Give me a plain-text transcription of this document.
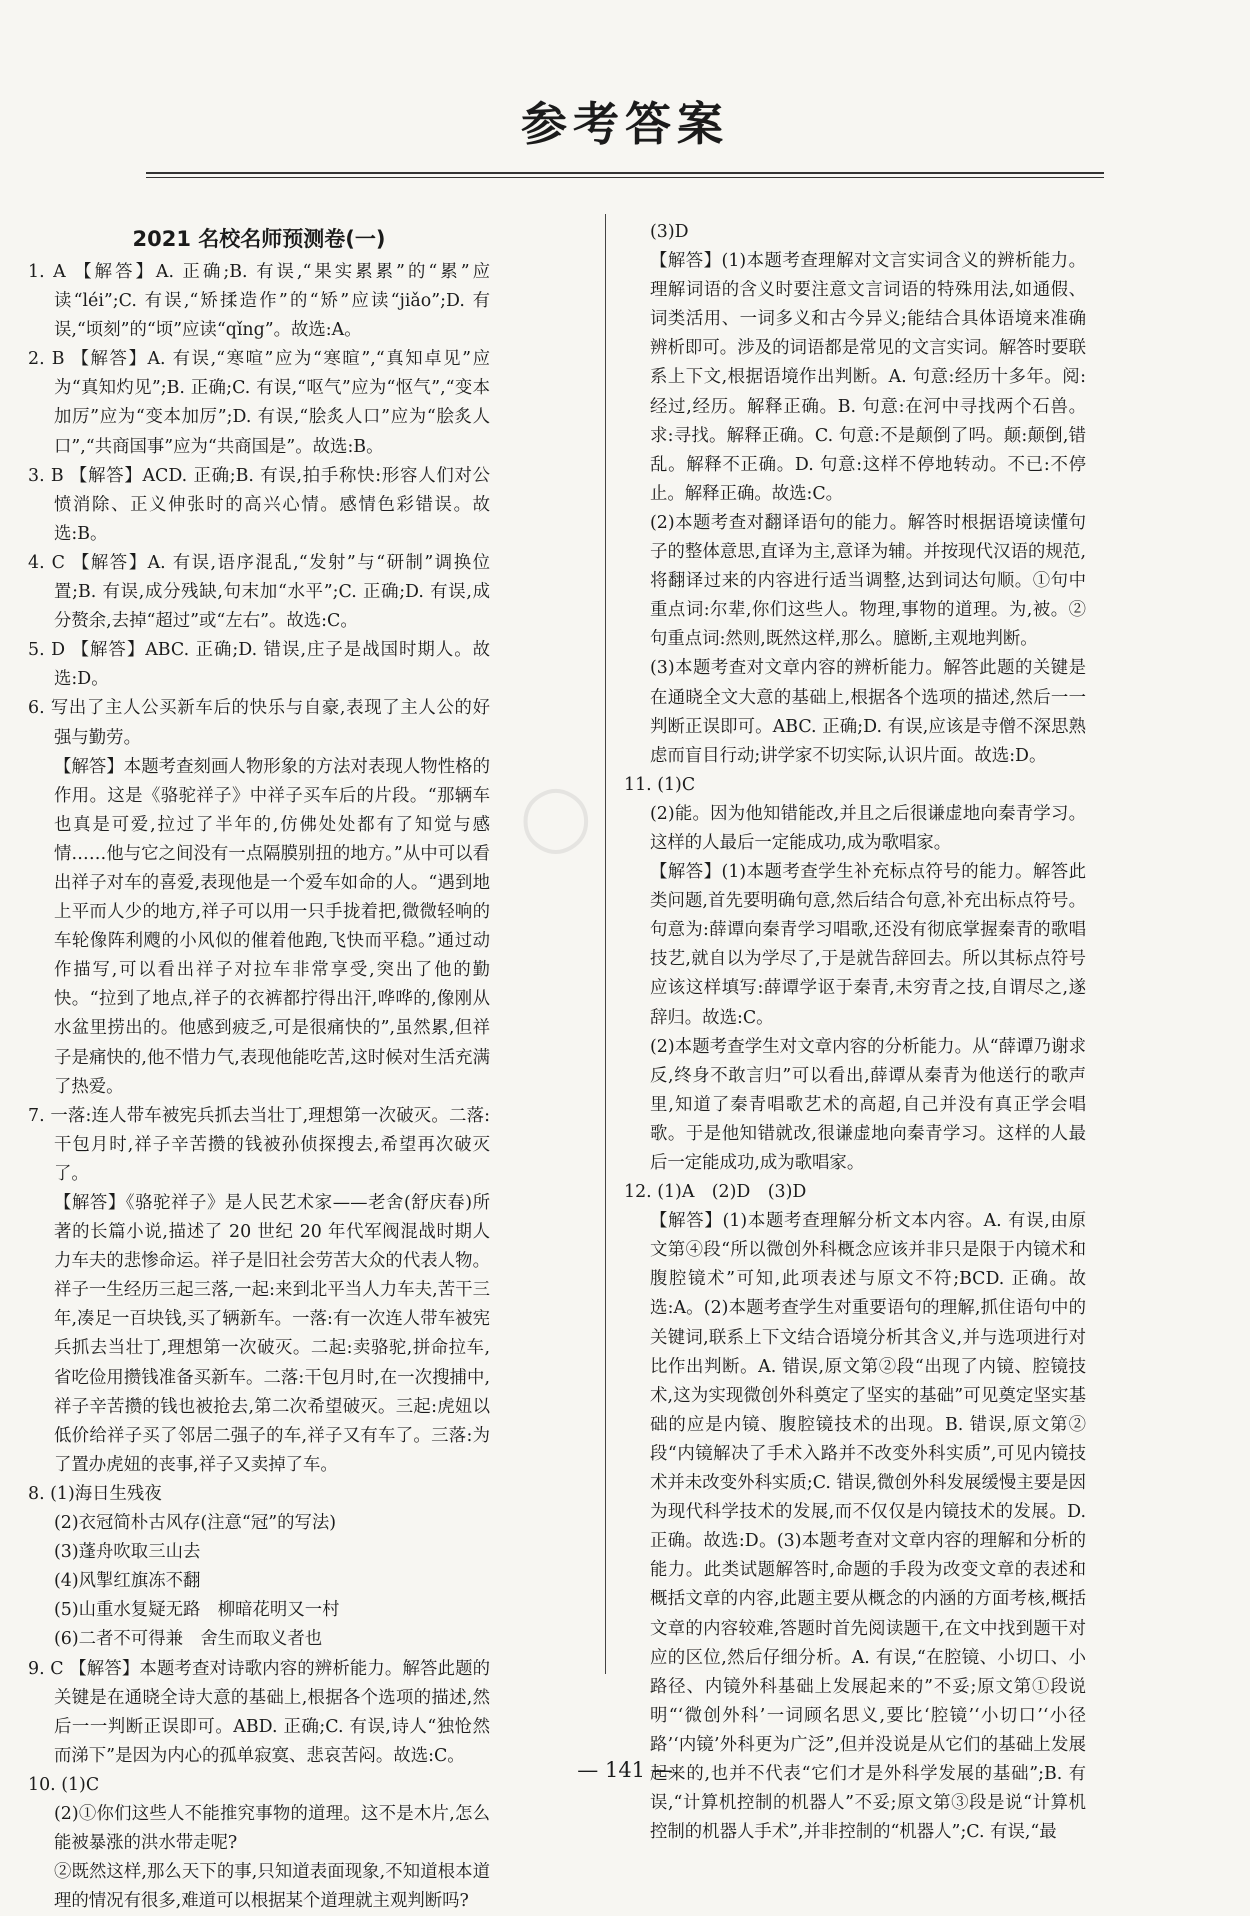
参考答案
◯
2021 名校名师预测卷(一)

1. A 【解答】A. 正确;B. 有误,“果实累累”的“累”应读“léi”;C. 有误,“矫揉造作”的“矫”应读“jiǎo”;D. 有误,“顷刻”的“顷”应读“qǐng”。故选:A。

2. B 【解答】A. 有误,“寒喧”应为“寒暄”,“真知卓见”应为“真知灼见”;B. 正确;C. 有误,“呕气”应为“怄气”,“变本加厉”应为“变本加厉”;D. 有误,“脍炙人口”应为“脍炙人口”,“共商国事”应为“共商国是”。故选:B。

3. B 【解答】ACD. 正确;B. 有误,拍手称快:形容人们对公愤消除、正义伸张时的高兴心情。感情色彩错误。故选:B。

4. C 【解答】A. 有误,语序混乱,“发射”与“研制”调换位置;B. 有误,成分残缺,句末加“水平”;C. 正确;D. 有误,成分赘余,去掉“超过”或“左右”。故选:C。

5. D 【解答】ABC. 正确;D. 错误,庄子是战国时期人。故选:D。

6. 写出了主人公买新车后的快乐与自豪,表现了主人公的好强与勤劳。

【解答】本题考查刻画人物形象的方法对表现人物性格的作用。这是《骆驼祥子》中祥子买车后的片段。“那辆车也真是可爱,拉过了半年的,仿佛处处都有了知觉与感情……他与它之间没有一点隔膜别扭的地方。”从中可以看出祥子对车的喜爱,表现他是一个爱车如命的人。“遇到地上平而人少的地方,祥子可以用一只手拢着把,微微轻响的车轮像阵利飕的小风似的催着他跑,飞快而平稳。”通过动作描写,可以看出祥子对拉车非常享受,突出了他的勤快。“拉到了地点,祥子的衣裤都拧得出汗,哗哗的,像刚从水盆里捞出的。他感到疲乏,可是很痛快的”,虽然累,但祥子是痛快的,他不惜力气,表现他能吃苦,这时候对生活充满了热爱。

7. 一落:连人带车被宪兵抓去当壮丁,理想第一次破灭。二落:干包月时,祥子辛苦攒的钱被孙侦探搜去,希望再次破灭了。

【解答】《骆驼祥子》是人民艺术家——老舍(舒庆春)所著的长篇小说,描述了 20 世纪 20 年代军阀混战时期人力车夫的悲惨命运。祥子是旧社会劳苦大众的代表人物。祥子一生经历三起三落,一起:来到北平当人力车夫,苦干三年,凑足一百块钱,买了辆新车。一落:有一次连人带车被宪兵抓去当壮丁,理想第一次破灭。二起:卖骆驼,拼命拉车,省吃俭用攒钱准备买新车。二落:干包月时,在一次搜捕中,祥子辛苦攒的钱也被抢去,第二次希望破灭。三起:虎妞以低价给祥子买了邻居二强子的车,祥子又有车了。三落:为了置办虎妞的丧事,祥子又卖掉了车。

8. (1)海日生残夜

(2)衣冠简朴古风存(注意“冠”的写法)

(3)蓬舟吹取三山去

(4)风掣红旗冻不翻

(5)山重水复疑无路　柳暗花明又一村

(6)二者不可得兼　舍生而取义者也

9. C 【解答】本题考查对诗歌内容的辨析能力。解答此题的关键是在通晓全诗大意的基础上,根据各个选项的描述,然后一一判断正误即可。ABD. 正确;C. 有误,诗人“独怆然而涕下”是因为内心的孤单寂寞、悲哀苦闷。故选:C。

10. (1)C

(2)①你们这些人不能推究事物的道理。这不是木片,怎么能被暴涨的洪水带走呢?

②既然这样,那么天下的事,只知道表面现象,不知道根本道理的情况有很多,难道可以根据某个道理就主观判断吗?

(3)D

【解答】(1)本题考查理解对文言实词含义的辨析能力。理解词语的含义时要注意文言词语的特殊用法,如通假、词类活用、一词多义和古今异义;能结合具体语境来准确辨析即可。涉及的词语都是常见的文言实词。解答时要联系上下文,根据语境作出判断。A. 句意:经历十多年。阅:经过,经历。解释正确。B. 句意:在河中寻找两个石兽。求:寻找。解释正确。C. 句意:不是颠倒了吗。颠:颠倒,错乱。解释不正确。D. 句意:这样不停地转动。不已:不停止。解释正确。故选:C。

(2)本题考查对翻译语句的能力。解答时根据语境读懂句子的整体意思,直译为主,意译为辅。并按现代汉语的规范,将翻译过来的内容进行适当调整,达到词达句顺。①句中重点词:尔辈,你们这些人。物理,事物的道理。为,被。②句重点词:然则,既然这样,那么。臆断,主观地判断。

(3)本题考查对文章内容的辨析能力。解答此题的关键是在通晓全文大意的基础上,根据各个选项的描述,然后一一判断正误即可。ABC. 正确;D. 有误,应该是寺僧不深思熟虑而盲目行动;讲学家不切实际,认识片面。故选:D。

11. (1)C

(2)能。因为他知错能改,并且之后很谦虚地向秦青学习。这样的人最后一定能成功,成为歌唱家。

【解答】(1)本题考查学生补充标点符号的能力。解答此类问题,首先要明确句意,然后结合句意,补充出标点符号。句意为:薛谭向秦青学习唱歌,还没有彻底掌握秦青的歌唱技艺,就自以为学尽了,于是就告辞回去。所以其标点符号应该这样填写:薛谭学讴于秦青,未穷青之技,自谓尽之,遂辞归。故选:C。

(2)本题考查学生对文章内容的分析能力。从“薛谭乃谢求反,终身不敢言归”可以看出,薛谭从秦青为他送行的歌声里,知道了秦青唱歌艺术的高超,自己并没有真正学会唱歌。于是他知错就改,很谦虚地向秦青学习。这样的人最后一定能成功,成为歌唱家。

12. (1)A　(2)D　(3)D

【解答】(1)本题考查理解分析文本内容。A. 有误,由原文第④段“所以微创外科概念应该并非只是限于内镜术和腹腔镜术”可知,此项表述与原文不符;BCD. 正确。故选:A。(2)本题考查学生对重要语句的理解,抓住语句中的关键词,联系上下文结合语境分析其含义,并与选项进行对比作出判断。A. 错误,原文第②段“出现了内镜、腔镜技术,这为实现微创外科奠定了坚实的基础”可见奠定坚实基础的应是内镜、腹腔镜技术的出现。B. 错误,原文第②段“内镜解决了手术入路并不改变外科实质”,可见内镜技术并未改变外科实质;C. 错误,微创外科发展缓慢主要是因为现代科学技术的发展,而不仅仅是内镜技术的发展。D. 正确。故选:D。(3)本题考查对文章内容的理解和分析的能力。此类试题解答时,命题的手段为改变文章的表述和概括文章的内容,此题主要从概念的内涵的方面考核,概括文章的内容较难,答题时首先阅读题干,在文中找到题干对应的区位,然后仔细分析。A. 有误,“在腔镜、小切口、小路径、内镜外科基础上发展起来的”不妥;原文第①段说明“‘微创外科’一词顾名思义,要比‘腔镜’‘小切口’‘小径路’‘内镜’外科更为广泛”,但并没说是从它们的基础上发展起来的,也并不代表“它们才是外科学发展的基础”;B. 有误,“计算机控制的机器人”不妥;原文第③段是说“计算机控制的机器人手术”,并非控制的“机器人”;C. 有误,“最

— 141 —
